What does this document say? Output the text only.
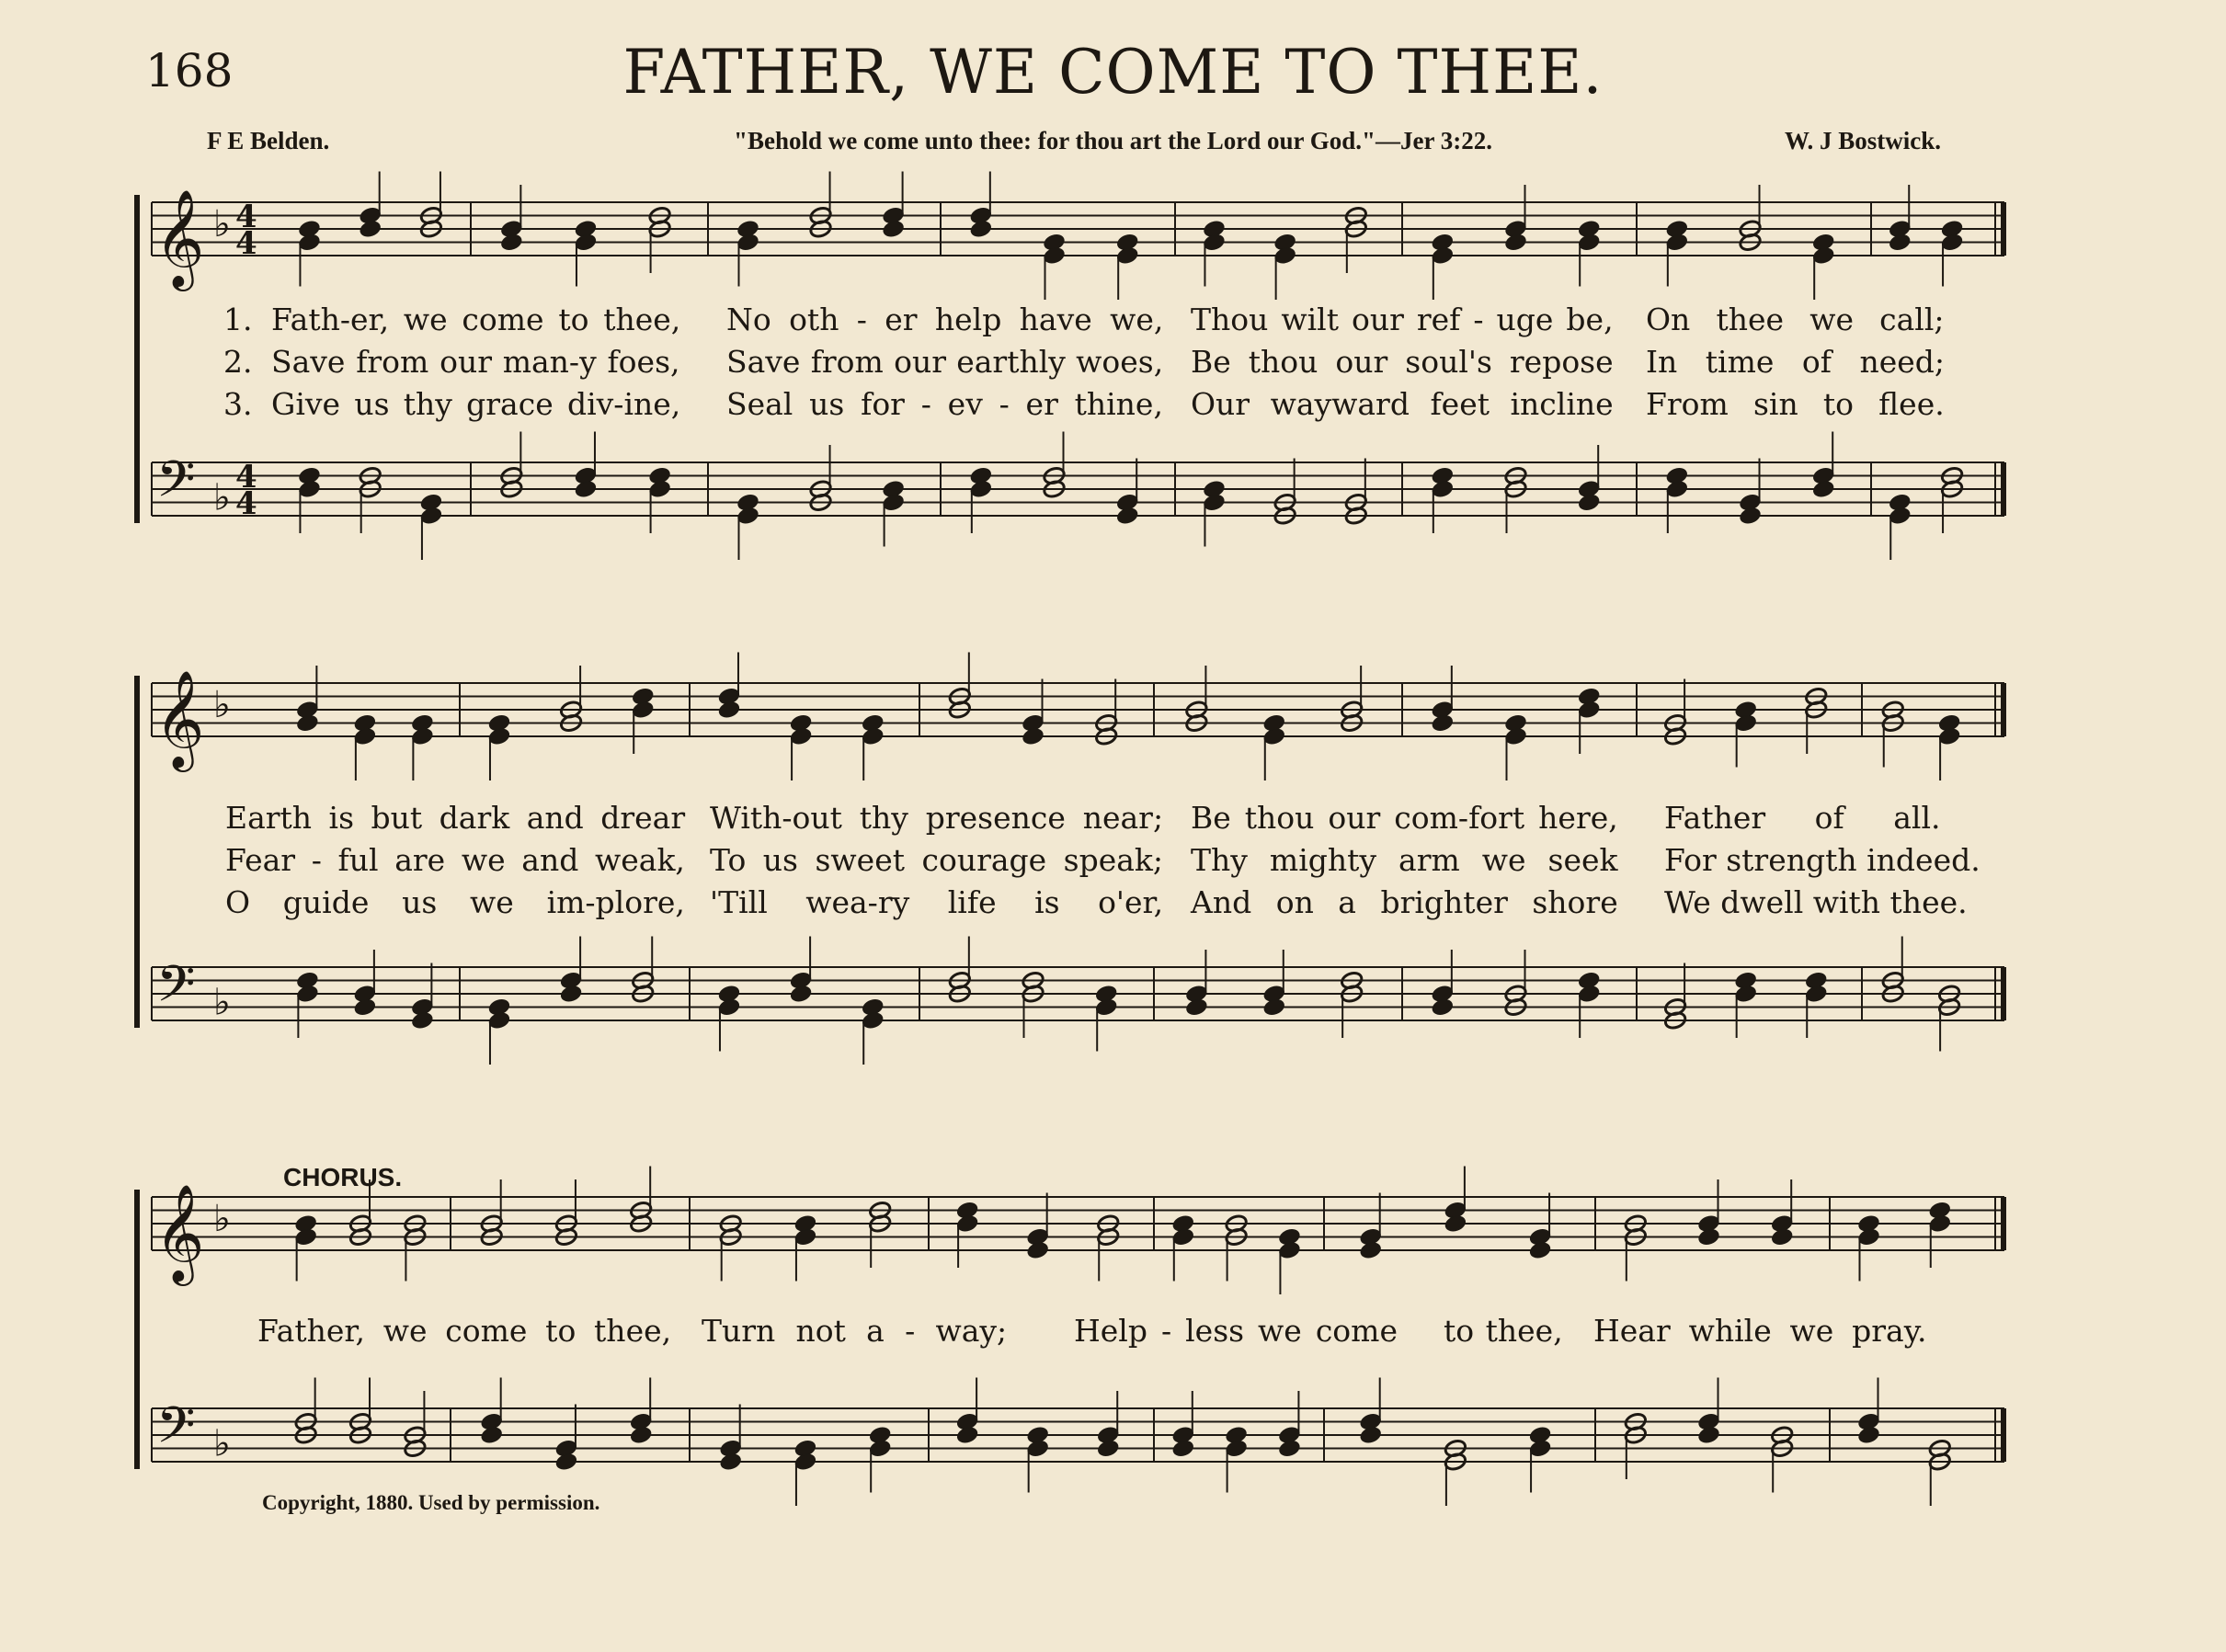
168	FATHER, WE COME TO THEE.
F E Belden.	"Behold we come unto thee: for thou art the Lord our God."—Jer 3:22.	W. J Bostwick.
CHORUS.
𝄞 ♭ 4
4
𝄢 ♭ 4
4
𝄞 ♭
𝄢 ♭
𝄞 ♭
𝄢 ♭
1. Fath-er, we come to thee, No oth - er help have we, Thou wilt our ref - uge be, On thee we call;
2. Save from our man-y foes, Save from our earthly woes, Be thou our soul's repose In time of need;
3. Give us thy grace div-ine, Seal us for - ev - er thine, Our wayward feet incline From sin to flee.
Earth is but dark and drear With-out thy presence near; Be thou our com-fort here, Father of all.
Fear - ful are we and weak, To us sweet courage speak; Thy mighty arm we seek For strength indeed.
O guide us we im-plore, 'Till wea-ry life is o'er, And on a brighter shore We dwell with thee.
Father, we come to thee, Turn not a - way; Help - less we come to thee, Hear while we pray.
Copyright, 1880. Used by permission.
